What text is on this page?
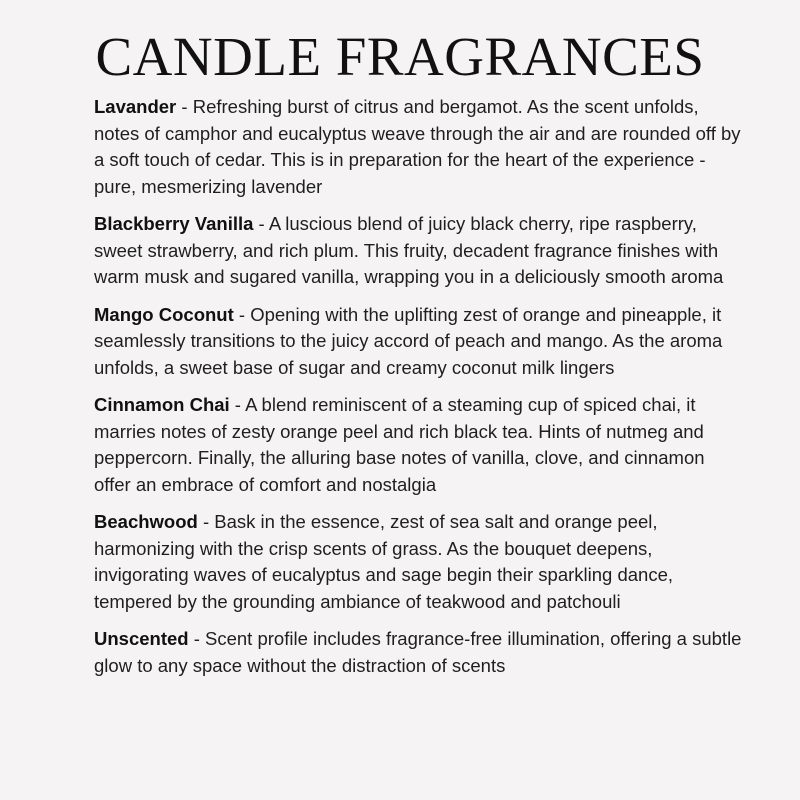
CANDLE FRAGRANCES

Lavander - Refreshing burst of citrus and bergamot. As the scent unfolds, notes of camphor and eucalyptus weave through the air and are rounded off by a soft touch of cedar. This is in preparation for the heart of the experience - pure, mesmerizing lavender

Blackberry Vanilla - A luscious blend of juicy black cherry, ripe raspberry, sweet strawberry, and rich plum. This fruity, decadent fragrance finishes with warm musk and sugared vanilla, wrapping you in a deliciously smooth aroma

Mango Coconut - Opening with the uplifting zest of orange and pineapple, it seamlessly transitions to the juicy accord of peach and mango. As the aroma unfolds, a sweet base of sugar and creamy coconut milk lingers

Cinnamon Chai - A blend reminiscent of a steaming cup of spiced chai, it marries notes of zesty orange peel and rich black tea. Hints of nutmeg and peppercorn. Finally, the alluring base notes of vanilla, clove, and cinnamon offer an embrace of comfort and nostalgia

Beachwood - Bask in the essence, zest of sea salt and orange peel, harmonizing with the crisp scents of grass. As the bouquet deepens, invigorating waves of eucalyptus and sage begin their sparkling dance, tempered by the grounding ambiance of teakwood and patchouli

Unscented - Scent profile includes fragrance-free illumination, offering a subtle glow to any space without the distraction of scents
